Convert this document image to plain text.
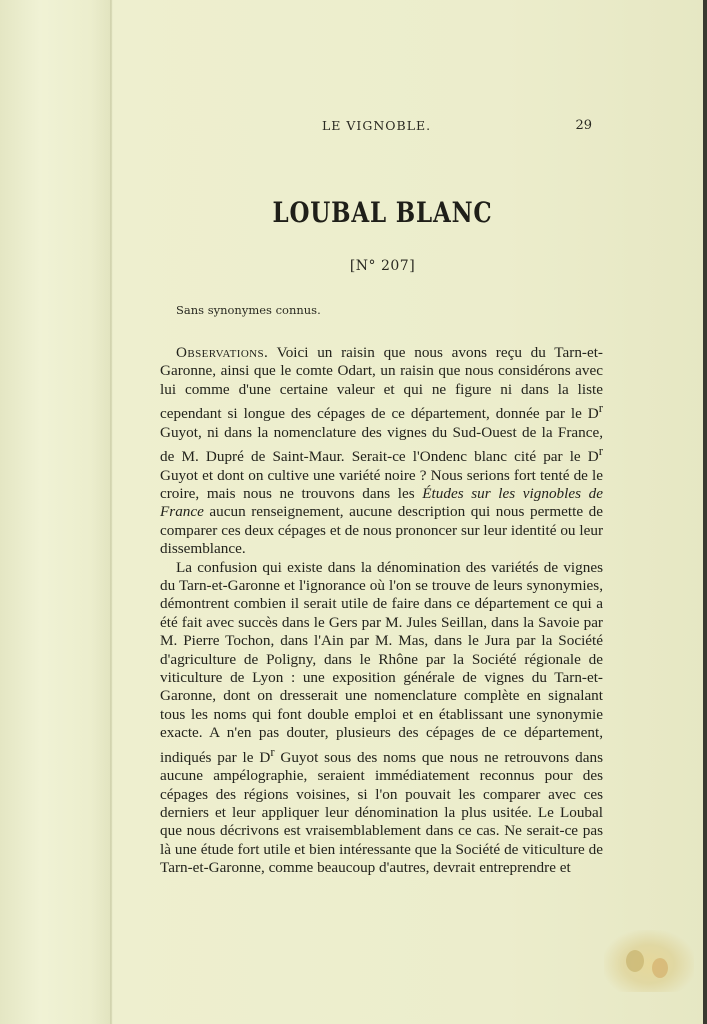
LE VIGNOBLE.	29
LOUBAL BLANC
[N° 207]
Sans synonymes connus.

Observations. Voici un raisin que nous avons reçu du Tarn-et-Garonne, ainsi que le comte Odart, un raisin que nous considérons avec lui comme d'une certaine valeur et qui ne figure ni dans la liste cependant si longue des cépages de ce département, donnée par le $D^r$ Guyot, ni dans la nomenclature des vignes du Sud-Ouest de la France, de M. Dupré de Saint-Maur. Serait-ce l'Ondenc blanc cité par le $D^r$ Guyot et dont on cultive une variété noire ? Nous serions fort tenté de le croire, mais nous ne trouvons dans les Études sur les vignobles de France aucun renseignement, aucune description qui nous permette de comparer ces deux cépages et de nous prononcer sur leur identité ou leur dissemblance.

La confusion qui existe dans la dénomination des variétés de vignes du Tarn-et-Garonne et l'ignorance où l'on se trouve de leurs synonymies, démontrent combien il serait utile de faire dans ce département ce qui a été fait avec succès dans le Gers par M. Jules Seillan, dans la Savoie par M. Pierre Tochon, dans l'Ain par M. Mas, dans le Jura par la Société d'agriculture de Poligny, dans le Rhône par la Société régionale de viticulture de Lyon : une exposition générale de vignes du Tarn-et-Garonne, dont on dresserait une nomenclature complète en signalant tous les noms qui font double emploi et en établissant une synonymie exacte. A n'en pas douter, plusieurs des cépages de ce département, indiqués par le $D^r$ Guyot sous des noms que nous ne retrouvons dans aucune ampélographie, seraient immédiatement reconnus pour des cépages des régions voisines, si l'on pouvait les comparer avec ces derniers et leur appliquer leur dénomination la plus usitée. Le Loubal que nous décrivons est vraisemblablement dans ce cas. Ne serait-ce pas là une étude fort utile et bien intéressante que la Société de viticulture de Tarn-et-Garonne, comme beaucoup d'autres, devrait entreprendre et
